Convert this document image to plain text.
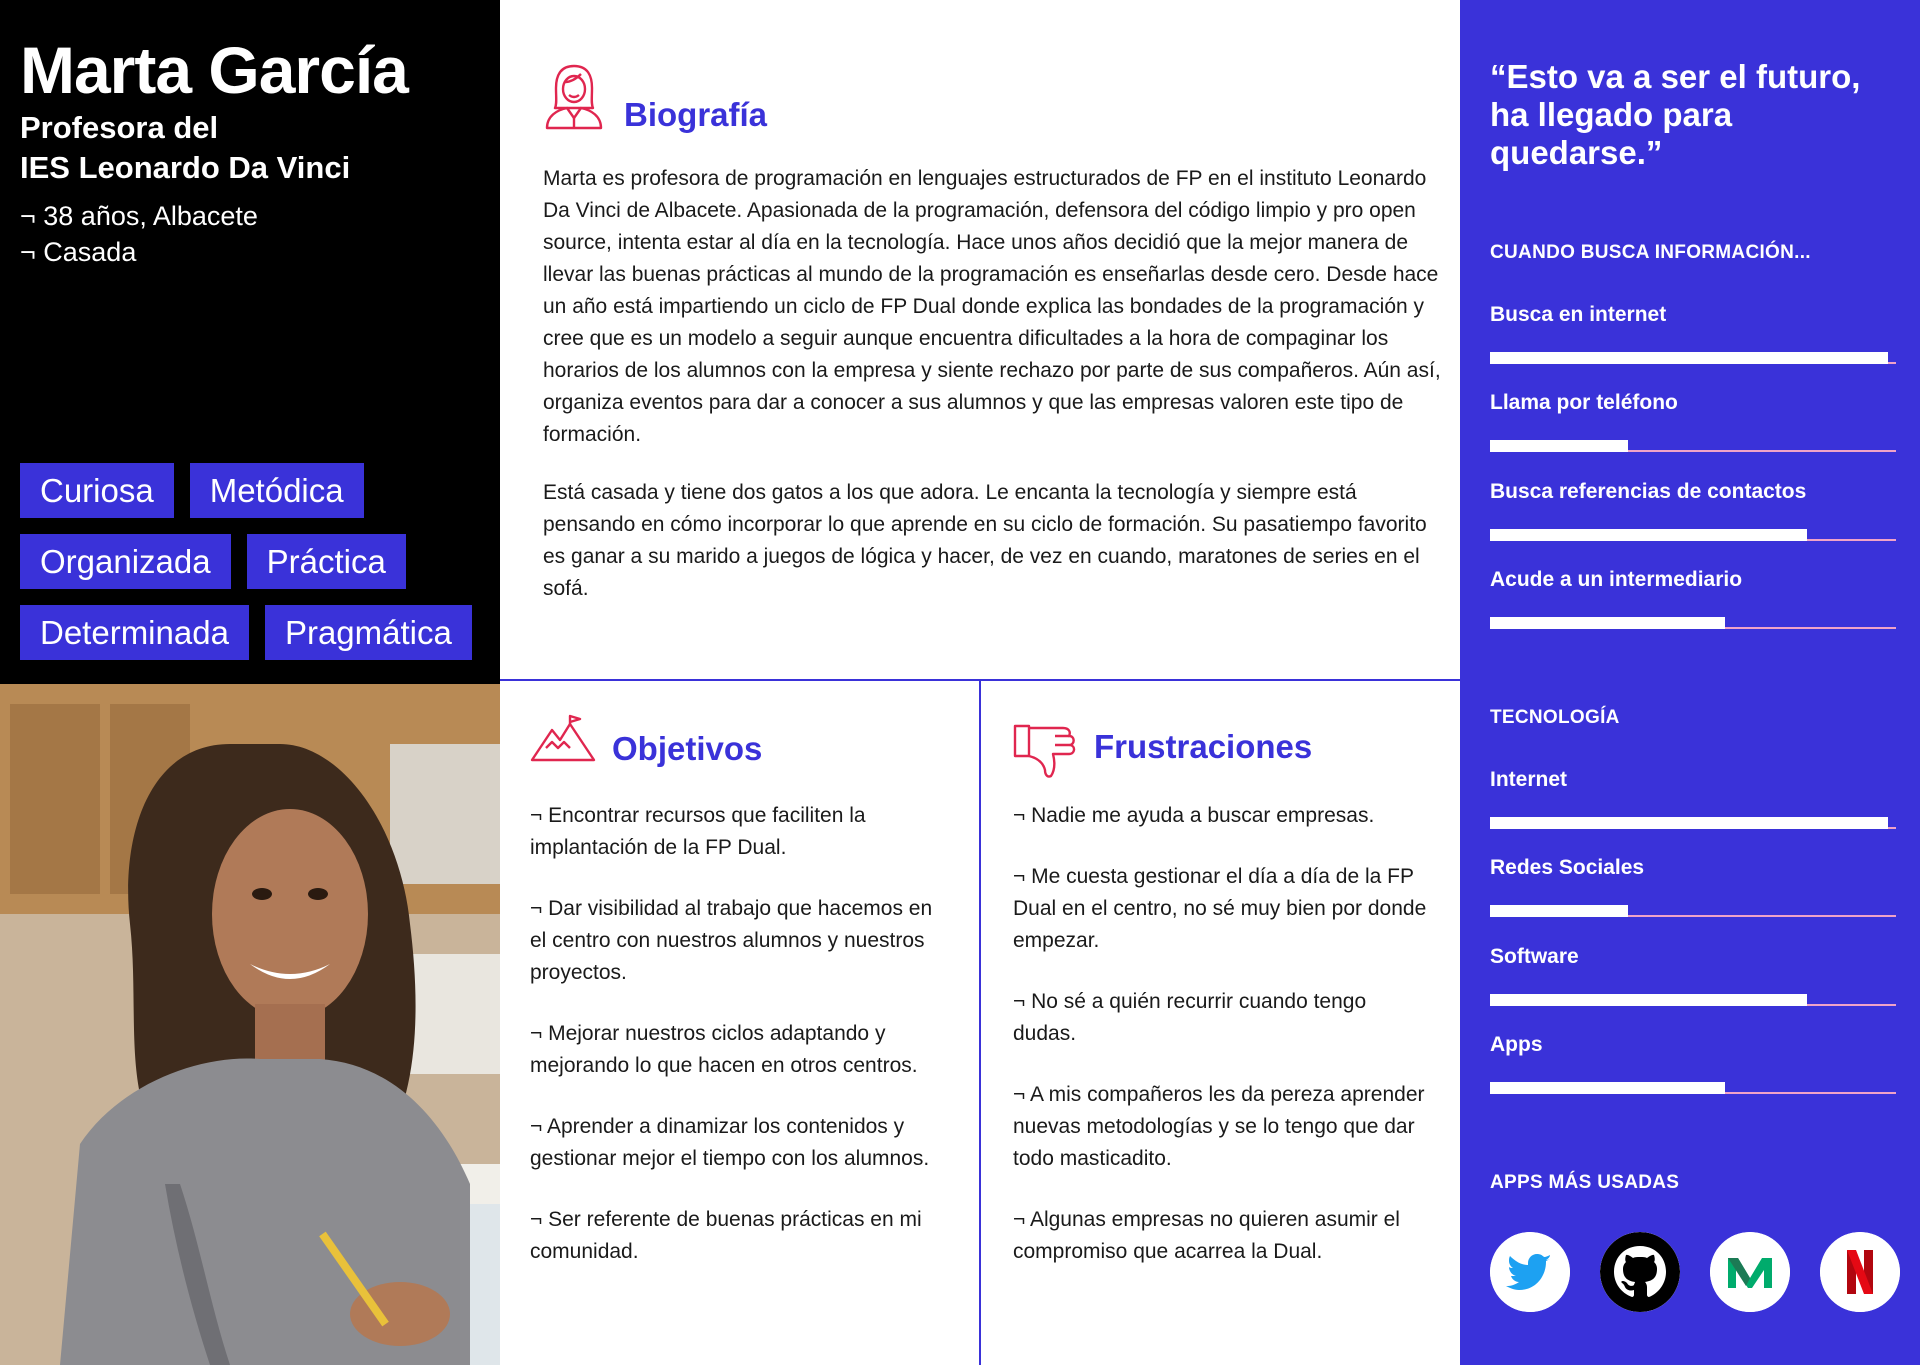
Marta García
Profesora del
IES Leonardo Da Vinci
¬ 38 años, Albacete
¬ Casada
Curiosa	Metódica
Organizada	Práctica
Determinada	Pragmática
Biografía

Marta es profesora de programación en lenguajes estructurados de FP en el instituto Leonardo Da Vinci de Albacete. Apasionada de la programación, defensora del código limpio y pro open source, intenta estar al día en la tecnología. Hace unos años decidió que la mejor manera de llevar las buenas prácticas al mundo de la programación es enseñarlas desde cero. Desde hace un año está impartiendo un ciclo de FP Dual donde explica las bondades de la programación y cree que es un modelo a seguir aunque encuentra dificultades a la hora de compaginar los horarios de los alumnos con la empresa y siente rechazo por parte de sus compañeros. Aún así, organiza eventos para dar a conocer a sus alumnos y que las empresas valoren este tipo de formación.

Está casada y tiene dos gatos a los que adora. Le encanta la tecnología y siempre está pensando en cómo incorporar lo que aprende en su ciclo de formación. Su pasatiempo favorito es ganar a su marido a juegos de lógica y hacer, de vez en cuando, maratones de series en el sofá.

Objetivos

¬ Encontrar recursos que faciliten la implantación de la FP Dual.

¬ Dar visibilidad al trabajo que hacemos en el centro con nuestros alumnos y nuestros proyectos.

¬ Mejorar nuestros ciclos adaptando y mejorando lo que hacen en otros centros.

¬ Aprender a dinamizar los contenidos y gestionar mejor el tiempo con los alumnos.

¬ Ser referente de buenas prácticas en mi comunidad.

Frustraciones

¬ Nadie me ayuda a buscar empresas.

¬ Me cuesta gestionar el día a día de la FP Dual en el centro, no sé muy bien por donde empezar.

¬ No sé a quién recurrir cuando tengo dudas.

¬ A mis compañeros les da pereza aprender nuevas metodologías y se lo tengo que dar todo masticadito.

¬ Algunas empresas no quieren asumir el compromiso que acarrea la Dual.

“Esto va a ser el futuro, ha llegado para quedarse.”
CUANDO BUSCA INFORMACIÓN...
Busca en internet
Llama por teléfono
Busca referencias de contactos
Acude a un intermediario
TECNOLOGÍA
Internet
Redes Sociales
Software
Apps
APPS MÁS USADAS
